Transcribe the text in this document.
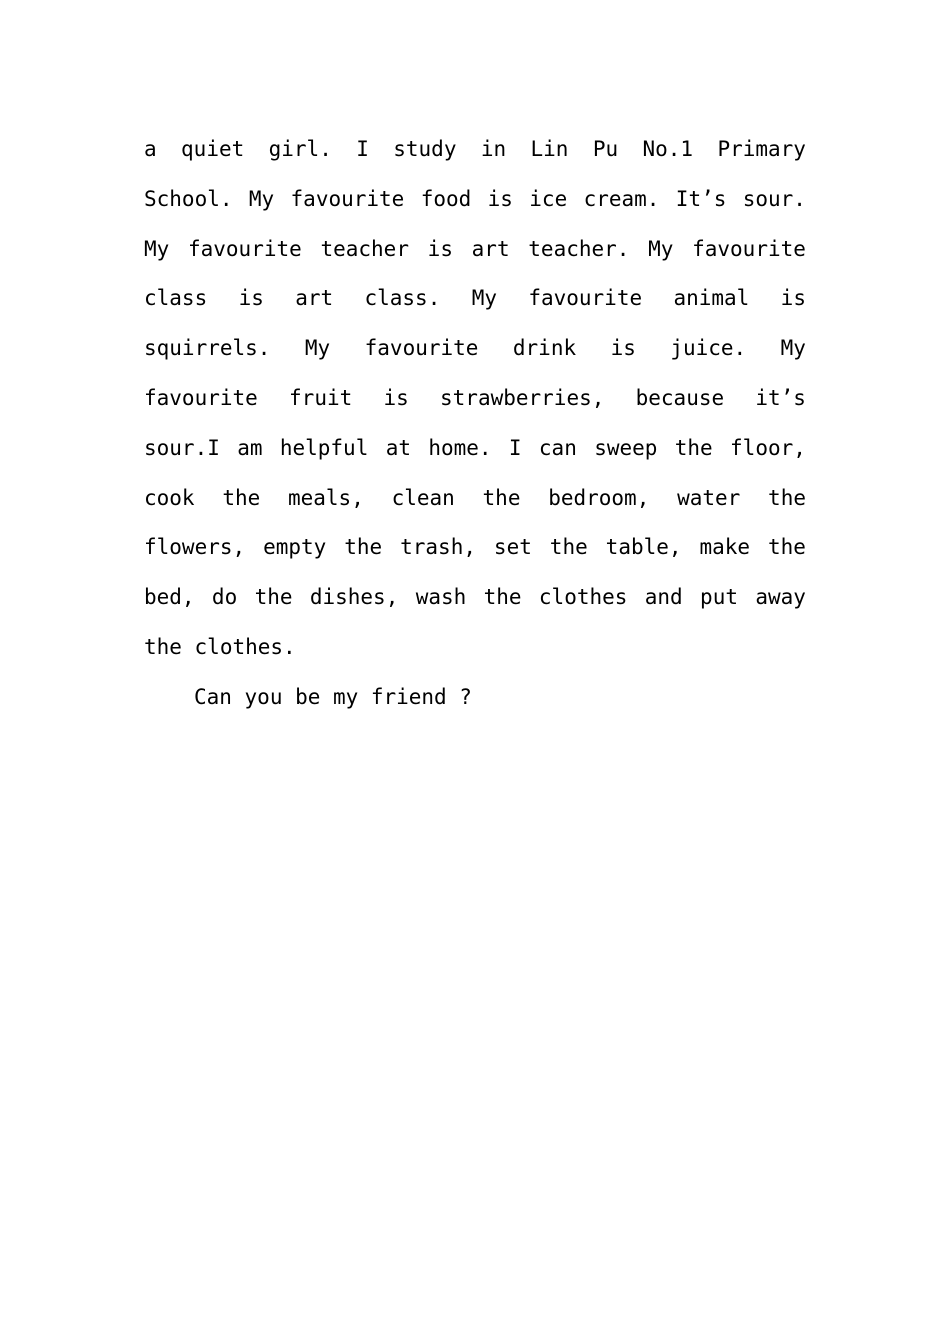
a quiet girl. I study in Lin Pu No.1 Primary
School. My favourite food is ice cream. It’s sour.
My favourite teacher is art teacher. My favourite
class is art class. My favourite animal is
squirrels. My favourite drink is juice. My
favourite fruit is strawberries, because it’s
sour.I am helpful at home. I can sweep the floor,
cook the meals, clean the bedroom, water the
flowers, empty the trash, set the table, make the
bed, do the dishes, wash the clothes and put away
the clothes.
Can you be my friend ?
